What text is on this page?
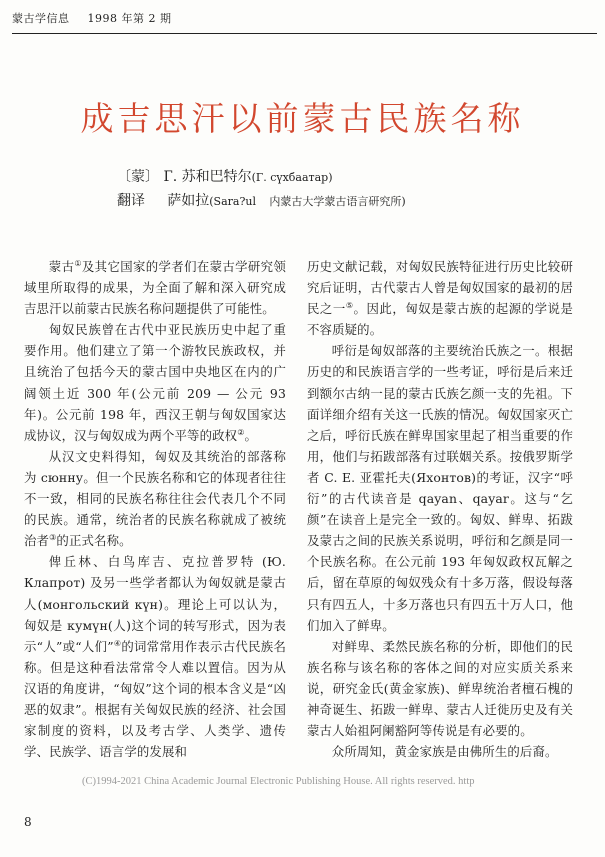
蒙古学信息 1998 年第 2 期
成吉思汗以前蒙古民族名称
〔蒙〕 Г. 苏和巴特尔(Г. сүхбаатар)
翻译 萨如拉(Sara?ul 内蒙古大学蒙古语言研究所)

蒙古①及其它国家的学者们在蒙古学研究领域里所取得的成果，为全面了解和深入研究成吉思汗以前蒙古民族名称问题提供了可能性。

匈奴民族曾在古代中亚民族历史中起了重要作用。他们建立了第一个游牧民族政权，并且统治了包括今天的蒙古国中央地区在内的广阔领土近 300 年(公元前 209 — 公元 93 年)。公元前 198 年，西汉王朝与匈奴国家达成协议，汉与匈奴成为两个平等的政权②。

从汉文史料得知，匈奴及其统治的部落称为 сюнну。但一个民族名称和它的体现者往往不一致，相同的民族名称往往会代表几个不同的民族。通常，统治者的民族名称就成了被统治者③的正式名称。

俾丘林、白鸟库吉、克拉普罗特 (Ю. Клапрот) 及另一些学者都认为匈奴就是蒙古人(монгольский күн)。理论上可以认为，匈奴是 кумүн(人)这个词的转写形式，因为表示“人”或“人们”④的词常常用作表示古代民族名称。但是这种看法常常令人难以置信。因为从汉语的角度讲，“匈奴”这个词的根本含义是“凶恶的奴隶”。根据有关匈奴民族的经济、社会国家制度的资料，以及考古学、人类学、遗传学、民族学、语言学的发展和

历史文献记载，对匈奴民族特征进行历史比较研究后证明，古代蒙古人曾是匈奴国家的最初的居民之一⑤。因此，匈奴是蒙古族的起源的学说是不容质疑的。

呼衍是匈奴部落的主要统治氏族之一。根据历史的和民族语言学的一些考证，呼衍是后来迁到额尔古纳一昆的蒙古氏族乞颜一支的先祖。下面详细介绍有关这一氏族的情况。匈奴国家灭亡之后，呼衍氏族在鲜卑国家里起了相当重要的作用，他们与拓跋部落有过联姻关系。按俄罗斯学者 C. E. 亚霍托夫(Яхонтов)的考证，汉字“呼衍”的古代读音是 qayan、qayar。这与“乞颜”在读音上是完全一致的。匈奴、鲜卑、拓跋及蒙古之间的民族关系说明，呼衍和乞颜是同一个民族名称。在公元前 193 年匈奴政权瓦解之后，留在草原的匈奴残众有十多万落，假设每落只有四五人，十多万落也只有四五十万人口，他们加入了鲜卑。

对鲜卑、柔然民族名称的分析，即他们的民族名称与该名称的客体之间的对应实质关系来说，研究金氏(黄金家族)、鲜卑统治者檀石槐的神奇诞生、拓跋一鲜卑、蒙古人迁徙历史及有关蒙古人始祖阿阑豁阿等传说是有必要的。

众所周知，黄金家族是由佛所生的后裔。

(C)1994-2021 China Academic Journal Electronic Publishing House. All rights reserved. http
8
